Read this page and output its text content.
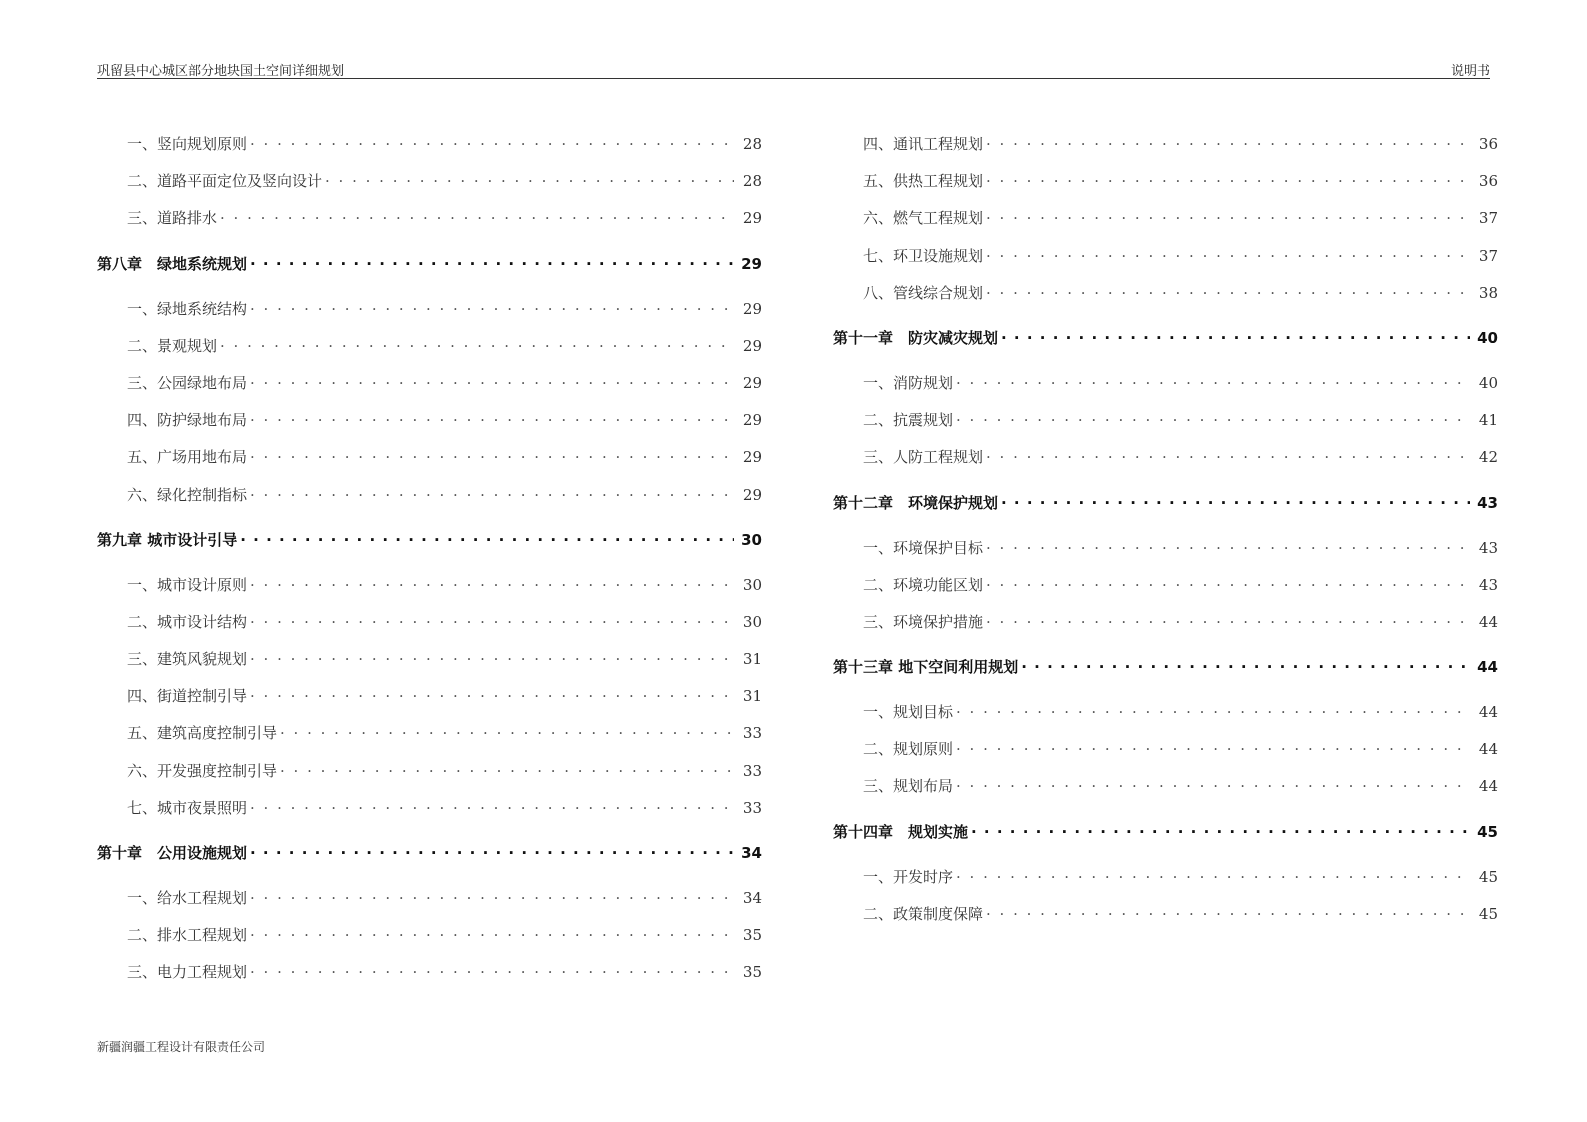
巩留县中心城区部分地块国土空间详细规划	说明书
一、竖向规划原则 · · ·	28
二、道路平面定位及竖向设计 · · ·	28
三、道路排水 · · ·	29
第八章　绿地系统规划 · · ·	29
一、绿地系统结构 · · ·	29
二、景观规划 · · ·	29
三、公园绿地布局 · · ·	29
四、防护绿地布局 · · ·	29
五、广场用地布局 · · ·	29
六、绿化控制指标 · · ·	29
第九章 城市设计引导 · · ·	30
一、城市设计原则 · · ·	30
二、城市设计结构 · · ·	30
三、建筑风貌规划 · · ·	31
四、街道控制引导 · · ·	31
五、建筑高度控制引导 · · ·	33
六、开发强度控制引导 · · ·	33
七、城市夜景照明 · · ·	33
第十章　公用设施规划 · · ·	34
一、给水工程规划 · · ·	34
二、排水工程规划 · · ·	35
三、电力工程规划 · · ·	35
四、通讯工程规划 · · ·	36
五、供热工程规划 · · ·	36
六、燃气工程规划 · · ·	37
七、环卫设施规划 · · ·	37
八、管线综合规划 · · ·	38
第十一章　防灾减灾规划 · · ·	40
一、消防规划 · · ·	40
二、抗震规划 · · ·	41
三、人防工程规划 · · ·	42
第十二章　环境保护规划 · · ·	43
一、环境保护目标 · · ·	43
二、环境功能区划 · · ·	43
三、环境保护措施 · · ·	44
第十三章 地下空间利用规划 · · ·	44
一、规划目标 · · ·	44
二、规划原则 · · ·	44
三、规划布局 · · ·	44
第十四章　规划实施 · · ·	45
一、开发时序 · · ·	45
二、政策制度保障 · · ·	45
新疆润疆工程设计有限责任公司
